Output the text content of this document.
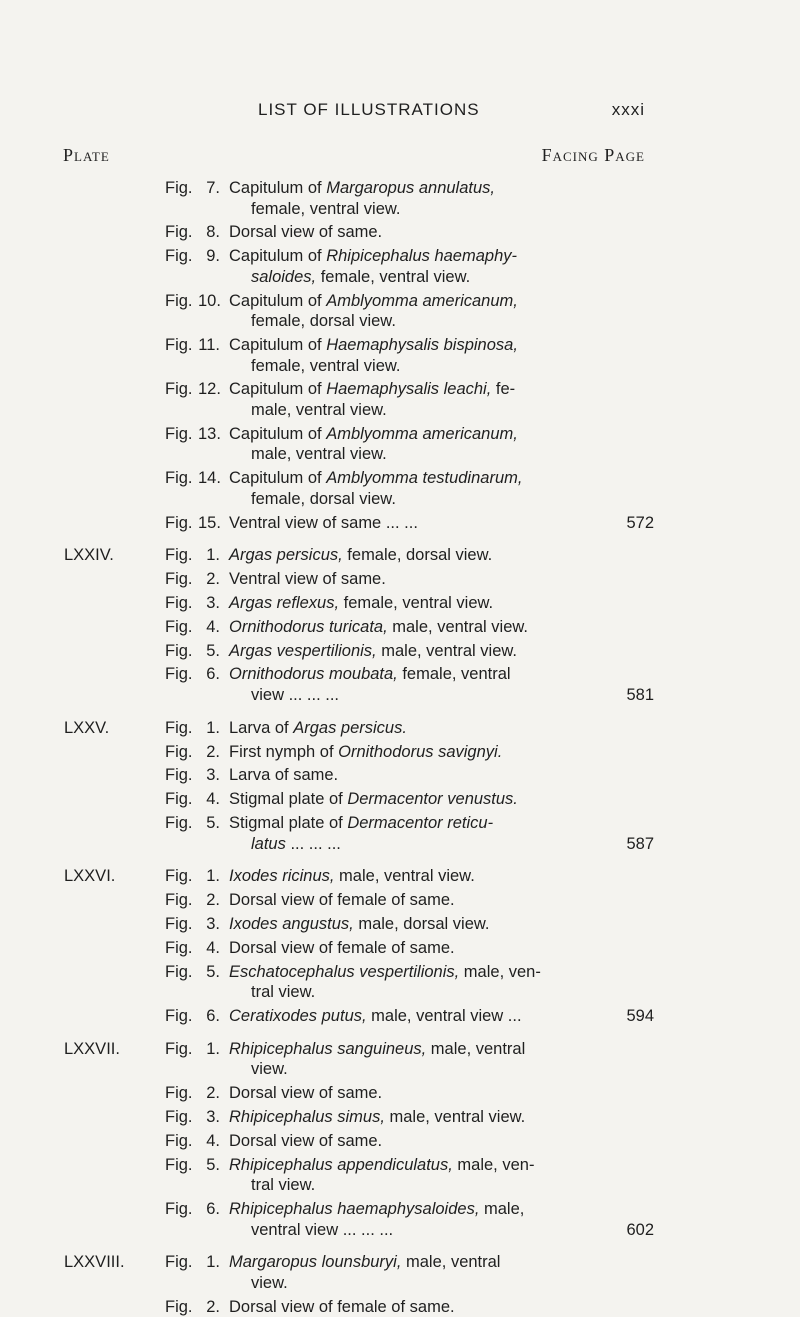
LIST OF ILLUSTRATIONS	xxxi
Plate	Facing Page
Fig. 7. Capitulum of Margaropus annulatus,
female, ventral view.
Fig. 8. Dorsal view of same.
Fig. 9. Capitulum of Rhipicephalus haemaphy-
saloides, female, ventral view.
Fig. 10. Capitulum of Amblyomma americanum,
female, dorsal view.
Fig. 11. Capitulum of Haemaphysalis bispinosa,
female, ventral view.
Fig. 12. Capitulum of Haemaphysalis leachi, fe-
male, ventral view.
Fig. 13. Capitulum of Amblyomma americanum,
male, ventral view.
Fig. 14. Capitulum of Amblyomma testudinarum,
female, dorsal view.
Fig. 15. Ventral view of same ... ...	572
LXXIV.	Fig. 1. Argas persicus, female, dorsal view.
Fig. 2. Ventral view of same.
Fig. 3. Argas reflexus, female, ventral view.
Fig. 4. Ornithodorus turicata, male, ventral view.
Fig. 5. Argas vespertilionis, male, ventral view.
Fig. 6. Ornithodorus moubata, female, ventral
view ... ... ...	581
LXXV.	Fig. 1. Larva of Argas persicus.
Fig. 2. First nymph of Ornithodorus savignyi.
Fig. 3. Larva of same.
Fig. 4. Stigmal plate of Dermacentor venustus.
Fig. 5. Stigmal plate of Dermacentor reticu-
latus ... ... ...	587
LXXVI.	Fig. 1. Ixodes ricinus, male, ventral view.
Fig. 2. Dorsal view of female of same.
Fig. 3. Ixodes angustus, male, dorsal view.
Fig. 4. Dorsal view of female of same.
Fig. 5. Eschatocephalus vespertilionis, male, ven-
tral view.
Fig. 6. Ceratixodes putus, male, ventral view ...	594
LXXVII.	Fig. 1. Rhipicephalus sanguineus, male, ventral
view.
Fig. 2. Dorsal view of same.
Fig. 3. Rhipicephalus simus, male, ventral view.
Fig. 4. Dorsal view of same.
Fig. 5. Rhipicephalus appendiculatus, male, ven-
tral view.
Fig. 6. Rhipicephalus haemaphysaloides, male,
ventral view ... ... ...	602
LXXVIII. Fig. 1. Margaropus lounsburyi, male, ventral
view.
Fig. 2. Dorsal view of female of same.
